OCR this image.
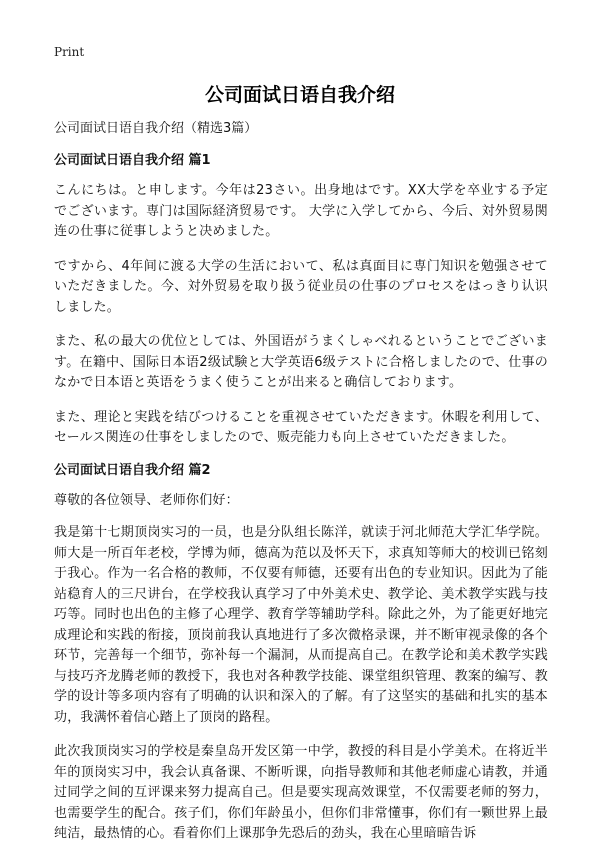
Print
公司面试日语自我介绍

公司面试日语自我介绍（精选3篇）

公司面试日语自我介绍 篇1

こんにちは。と申します。今年は23さい。出身地はです。XX大学を卒业する予定でございます。専门は国际経済贸易です。 大学に入学してから、今后、対外贸易関连の仕事に従事しようと决めました。

ですから、4年间に渡る大学の生活において、私は真面目に専门知识を勉强させていただきました。今、対外贸易を取り扱う従业员の仕事のプロセスをはっきり认识しました。

また、私の最大の优位としては、外国语がうまくしゃべれるということでございます。在籍中、国际日本语2级试験と大学英语6级テストに合格しましたので、仕事のなかで日本语と英语をうまく使うことが出来ると确信しております。

また、理论と実践を结びつけることを重视させていただきます。休暇を利用して、セールス関连の仕事をしましたので、贩売能力も向上させていただきました。

公司面试日语自我介绍 篇2

尊敬的各位领导、老师你们好：

我是第十七期顶岗实习的一员，也是分队组长陈洋，就读于河北师范大学汇华学院。师大是一所百年老校，学博为师，德高为范以及怀天下，求真知等师大的校训已铭刻于我心。作为一名合格的教师，不仅要有师德，还要有出色的专业知识。因此为了能站稳育人的三尺讲台，在学校我认真学习了中外美术史、教学论、美术教学实践与技巧等。同时也出色的主修了心理学、教育学等辅助学科。除此之外，为了能更好地完成理论和实践的衔接，顶岗前我认真地进行了多次微格录课，并不断审视录像的各个环节，完善每一个细节，弥补每一个漏洞，从而提高自己。在教学论和美术教学实践与技巧齐龙腾老师的教授下，我也对各种教学技能、课堂组织管理、教案的编写、教学的设计等多项内容有了明确的认识和深入的了解。有了这坚实的基础和扎实的基本功，我满怀着信心踏上了顶岗的路程。

此次我顶岗实习的学校是秦皇岛开发区第一中学，教授的科目是小学美术。在将近半年的顶岗实习中，我会认真备课、不断听课，向指导教师和其他老师虚心请教，并通过同学之间的互评课来努力提高自己。但是要实现高效课堂，不仅需要老师的努力，也需要学生的配合。孩子们，你们年龄虽小，但你们非常懂事，你们有一颗世界上最纯洁，最热情的心。看着你们上课那争先恐后的劲头，我在心里暗暗告诉
